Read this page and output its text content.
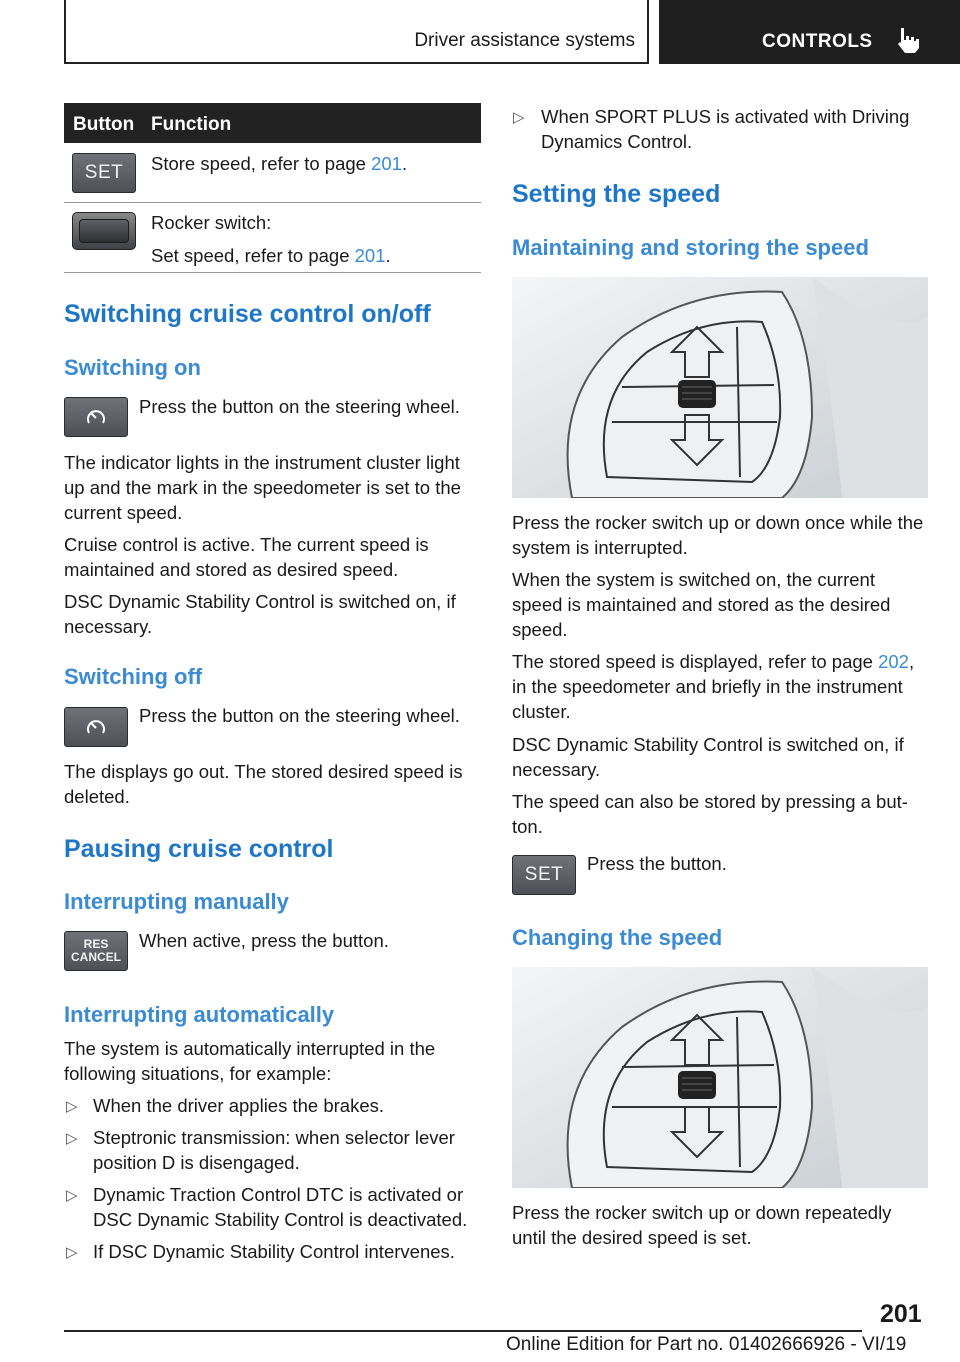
Driver assistance systems	CONTROLS
Button Function
SET Store speed, refer to page 201.
Rocker switch:
Set speed, refer to page 201.
Switching cruise control on/off
Switching on
Press the button on the steering wheel.
The indicator lights in the instrument cluster light up and the mark in the speedometer is set to the current speed.
Cruise control is active. The current speed is maintained and stored as desired speed.
DSC Dynamic Stability Control is switched on, if necessary.
Switching off
Press the button on the steering wheel.
The displays go out. The stored desired speed is deleted.
Pausing cruise control
Interrupting manually
RES
CANCEL
When active, press the button.
Interrupting automatically
The system is automatically interrupted in the following situations, for example:
▷ When the driver applies the brakes.
▷ Steptronic transmission: when selector lever position D is disengaged.
▷ Dynamic Traction Control DTC is activated or DSC Dynamic Stability Control is deactivated.
▷ If DSC Dynamic Stability Control intervenes.
▷ When SPORT PLUS is activated with Driving Dynamics Control.
Setting the speed
Maintaining and storing the speed
Press the rocker switch up or down once while the system is interrupted.
When the system is switched on, the current speed is maintained and stored as the desired speed.
The stored speed is displayed, refer to page 202, in the speedometer and briefly in the instrument cluster.
DSC Dynamic Stability Control is switched on, if necessary.
The speed can also be stored by pressing a but‐ton.
SET
Press the button.
Changing the speed
Press the rocker switch up or down repeatedly until the desired speed is set.
201
Online Edition for Part no. 01402666926 - VI/19
